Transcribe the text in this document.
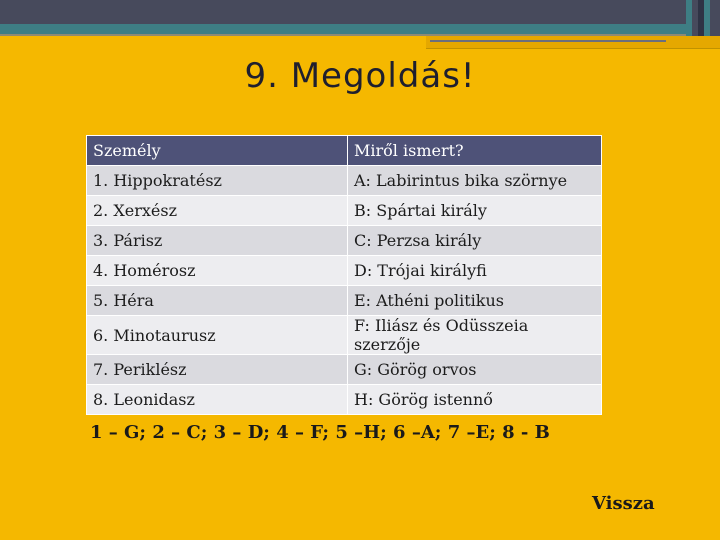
9. Megoldás!
Személy	Miről ismert?
1. Hippokratész	A: Labirintus bika szörnye
2. Xerxész	B: Spártai király
3. Párisz	C: Perzsa király
4. Homérosz	D: Trójai királyfi
5. Héra	E: Athéni politikus
6. Minotaurusz	F: Iliász és Odüsszeia szerzője
7. Periklész	G: Görög orvos
8. Leonidasz	H: Görög istennő
1 – G; 2 – C; 3 – D; 4 – F; 5 –H; 6 –A; 7 –E; 8 - B
Vissza
